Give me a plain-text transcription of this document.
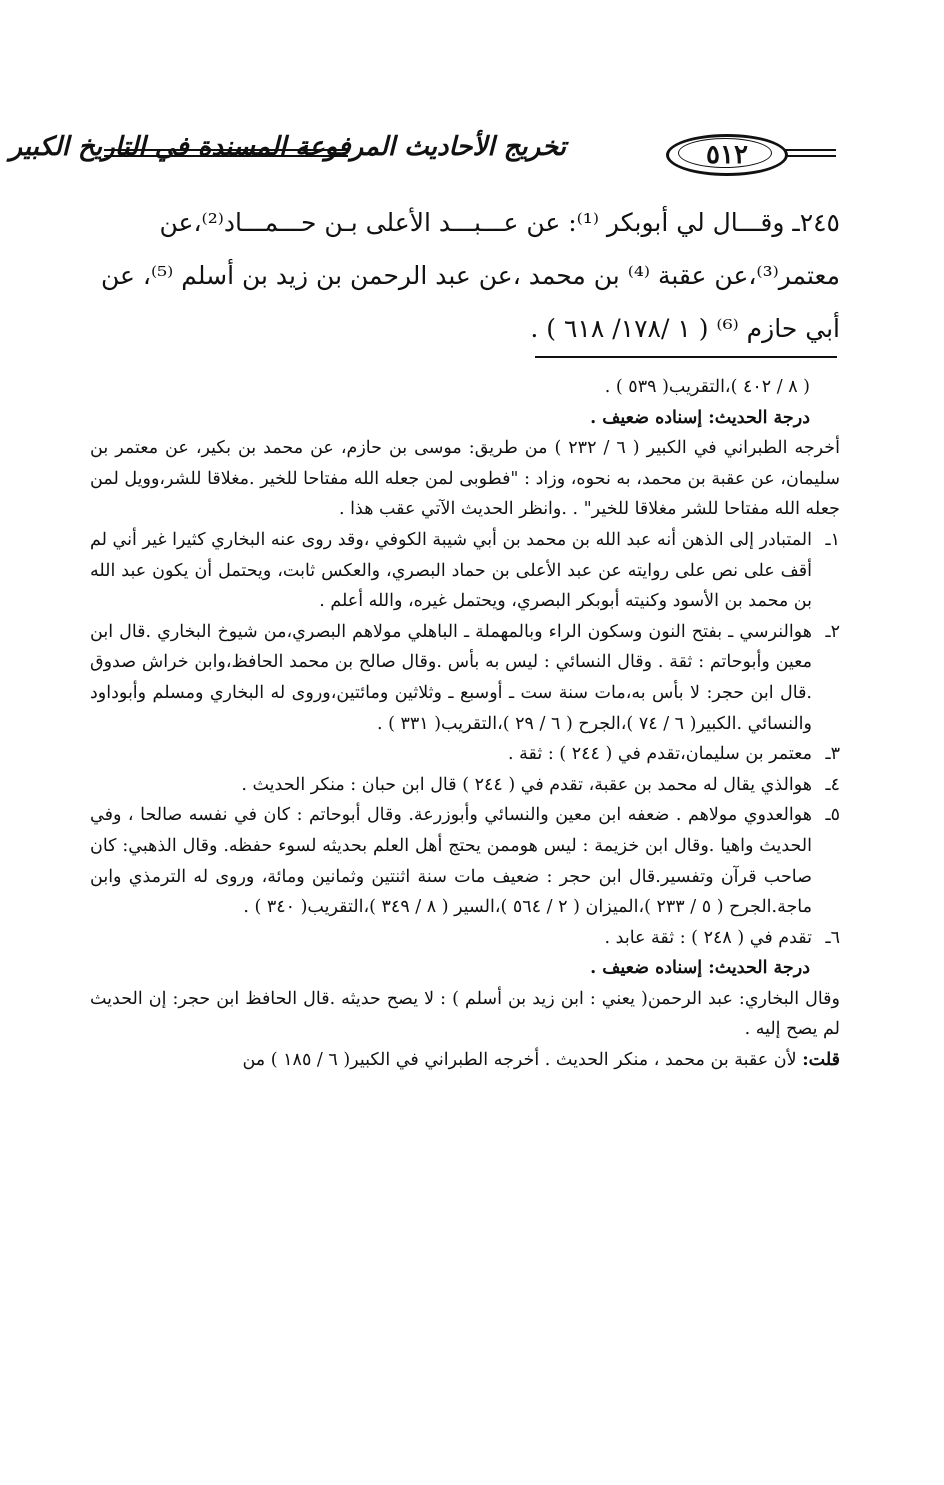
تخريج الأحاديث المرفوعة المسندة في التاريخ الكبير	٥١٢
٢٤٥ـ وقـــال لي أبوبكر ⁽¹⁾: عن عـــبـــد الأعلى بـن حـــمـــاد⁽²⁾،عن
معتمر⁽³⁾،عن عقبة ⁽⁴⁾ بن محمد ،عن عبد الرحمن بن زيد بن أسلم ⁽⁵⁾، عن
أبي حازم ⁽⁶⁾ ( ١ /١٧٨/ ٦١٨ ) .

( ٨ / ٤٠٢ )،التقريب( ٥٣٩ ) .

درجة الحديث: إسناده ضعيف .

أخرجه الطبراني في الكبير ( ٦ / ٢٣٢ ) من طريق: موسى بن حازم، عن محمد بن بكير، عن معتمر بن سليمان، عن عقبة بن محمد، به نحوه، وزاد : "فطوبى لمن جعله الله مفتاحا للخير .مغلاقا للشر،وويل لمن جعله الله مفتاحا للشر مغلاقا للخير" . .وانظر الحديث الآتي عقب هذا .

١ـ
المتبادر إلى الذهن أنه عبد الله بن محمد بن أبي شيبة الكوفي ،وقد روى عنه البخاري كثيرا غير أني لم أقف على نص على روايته عن عبد الأعلى بن حماد البصري، والعكس ثابت، ويحتمل أن يكون عبد الله بن محمد بن الأسود وكنيته أبوبكر البصري، ويحتمل غيره، والله أعلم .
٢ـ
هوالنرسي ـ بفتح النون وسكون الراء وبالمهملة ـ الباهلي مولاهم البصري،من شيوخ البخاري .قال ابن معين وأبوحاتم : ثقة . وقال النسائي : ليس به بأس .وقال صالح بن محمد الحافظ،وابن خراش صدوق .قال ابن حجر: لا بأس به،مات سنة ست ـ أوسبع ـ وثلاثين ومائتين،وروى له البخاري ومسلم وأبوداود والنسائي .الكبير( ٦ / ٧٤ )،الجرح ( ٦ / ٢٩ )،التقريب( ٣٣١ ) .
٣ـ
معتمر بن سليمان،تقدم في ( ٢٤٤ ) : ثقة .
٤ـ
هوالذي يقال له محمد بن عقبة، تقدم في ( ٢٤٤ ) قال ابن حبان : منكر الحديث .
٥ـ
هوالعدوي مولاهم . ضعفه ابن معين والنسائي وأبوزرعة. وقال أبوحاتم : كان في نفسه صالحا ، وفي الحديث واهيا .وقال ابن خزيمة : ليس هوممن يحتج أهل العلم بحديثه لسوء حفظه. وقال الذهبي: كان صاحب قرآن وتفسير.قال ابن حجر : ضعيف مات سنة اثنتين وثمانين ومائة، وروى له الترمذي وابن ماجة.الجرح ( ٥ / ٢٣٣ )،الميزان ( ٢ / ٥٦٤ )،السير ( ٨ / ٣٤٩ )،التقريب( ٣٤٠ ) .
٦ـ
تقدم في ( ٢٤٨ ) : ثقة عابد .

درجة الحديث: إسناده ضعيف .

وقال البخاري: عبد الرحمن( يعني : ابن زيد بن أسلم ) : لا يصح حديثه .قال الحافظ ابن حجر: إن الحديث لم يصح إليه .

قلت: لأن عقبة بن محمد ، منكر الحديث . أخرجه الطبراني في الكبير( ٦ / ١٨٥ ) من
